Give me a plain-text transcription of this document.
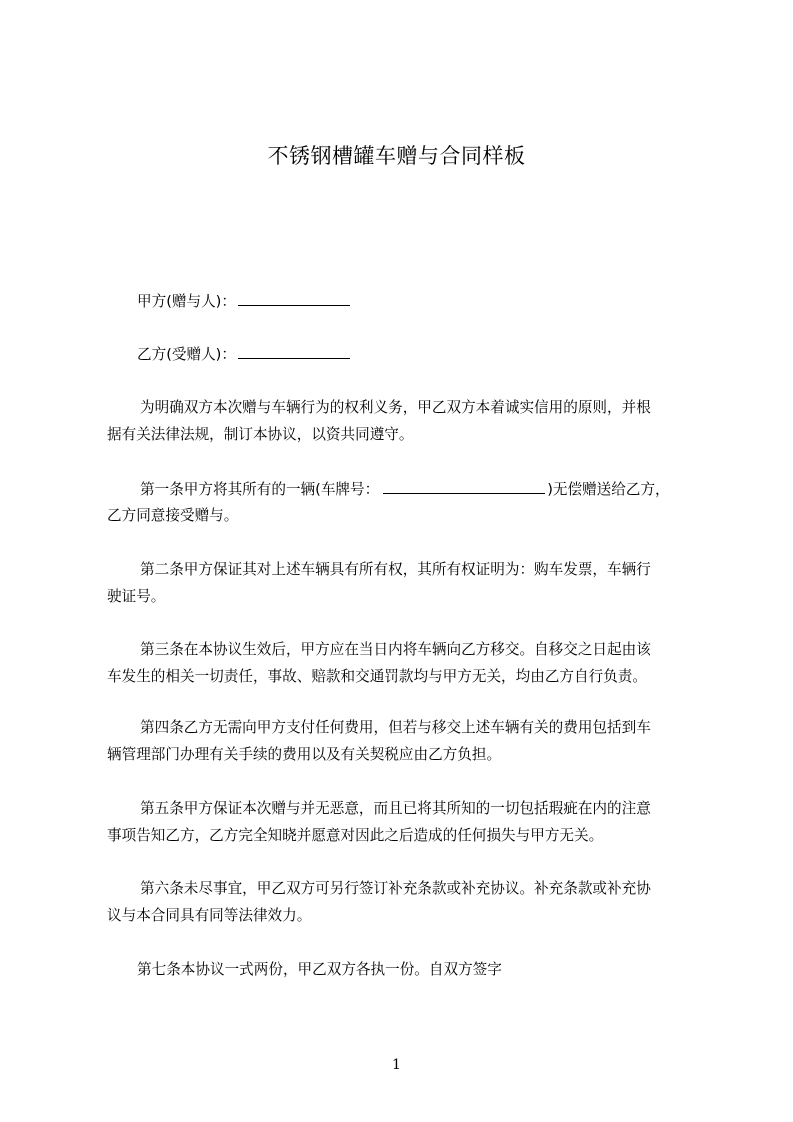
不锈钢槽罐车赠与合同样板
甲方(赠与人)：
乙方(受赠人)：
为明确双方本次赠与车辆行为的权利义务，甲乙双方本着诚实信用的原则，并根
据有关法律法规，制订本协议，以资共同遵守。
第一条甲方将其所有的一辆(车牌号：	)无偿赠送给乙方，
乙方同意接受赠与。
第二条甲方保证其对上述车辆具有所有权，其所有权证明为：购车发票，车辆行
驶证号。
第三条在本协议生效后，甲方应在当日内将车辆向乙方移交。自移交之日起由该
车发生的相关一切责任，事故、赔款和交通罚款均与甲方无关，均由乙方自行负责。
第四条乙方无需向甲方支付任何费用，但若与移交上述车辆有关的费用包括到车
辆管理部门办理有关手续的费用以及有关契税应由乙方负担。
第五条甲方保证本次赠与并无恶意，而且已将其所知的一切包括瑕疵在内的注意
事项告知乙方，乙方完全知晓并愿意对因此之后造成的任何损失与甲方无关。
第六条未尽事宜，甲乙双方可另行签订补充条款或补充协议。补充条款或补充协
议与本合同具有同等法律效力。
第七条本协议一式两份，甲乙双方各执一份。自双方签字
1
